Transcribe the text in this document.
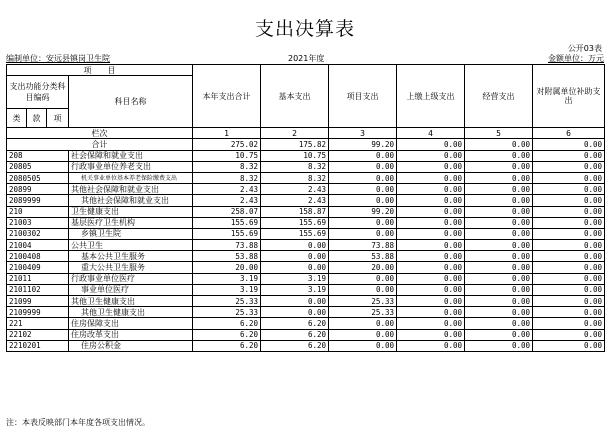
支出决算表
公开03表
编制单位：安远县镇岗卫生院	2021年度	金额单位：万元
项　　目				本年支出合计	基本支出	项目支出	上缴上级支出	经营支出	对附属单位补助支出
支出功能分类科目编码			科目名称						
类	款	项							
栏次				1	2	3	4	5	6
合计				275.02	175.82	99.20	0.00	0.00	0.00
208			社会保障和就业支出	10.75	10.75	0.00	0.00	0.00	0.00
20805			行政事业单位养老支出	8.32	8.32	0.00	0.00	0.00	0.00
2080505			机关事业单位基本养老保险缴费支出	8.32	8.32	0.00	0.00	0.00	0.00
20899			其他社会保障和就业支出	2.43	2.43	0.00	0.00	0.00	0.00
2089999			其他社会保障和就业支出	2.43	2.43	0.00	0.00	0.00	0.00
210			卫生健康支出	258.07	158.87	99.20	0.00	0.00	0.00
21003			基层医疗卫生机构	155.69	155.69	0.00	0.00	0.00	0.00
2100302			乡镇卫生院	155.69	155.69	0.00	0.00	0.00	0.00
21004			公共卫生	73.88	0.00	73.88	0.00	0.00	0.00
2100408			基本公共卫生服务	53.88	0.00	53.88	0.00	0.00	0.00
2100409			重大公共卫生服务	20.00	0.00	20.00	0.00	0.00	0.00
21011			行政事业单位医疗	3.19	3.19	0.00	0.00	0.00	0.00
2101102			事业单位医疗	3.19	3.19	0.00	0.00	0.00	0.00
21099			其他卫生健康支出	25.33	0.00	25.33	0.00	0.00	0.00
2109999			其他卫生健康支出	25.33	0.00	25.33	0.00	0.00	0.00
221			住房保障支出	6.20	6.20	0.00	0.00	0.00	0.00
22102			住房改革支出	6.20	6.20	0.00	0.00	0.00	0.00
2210201			住房公积金	6.20	6.20	0.00	0.00	0.00	0.00
注：本表反映部门本年度各项支出情况。
